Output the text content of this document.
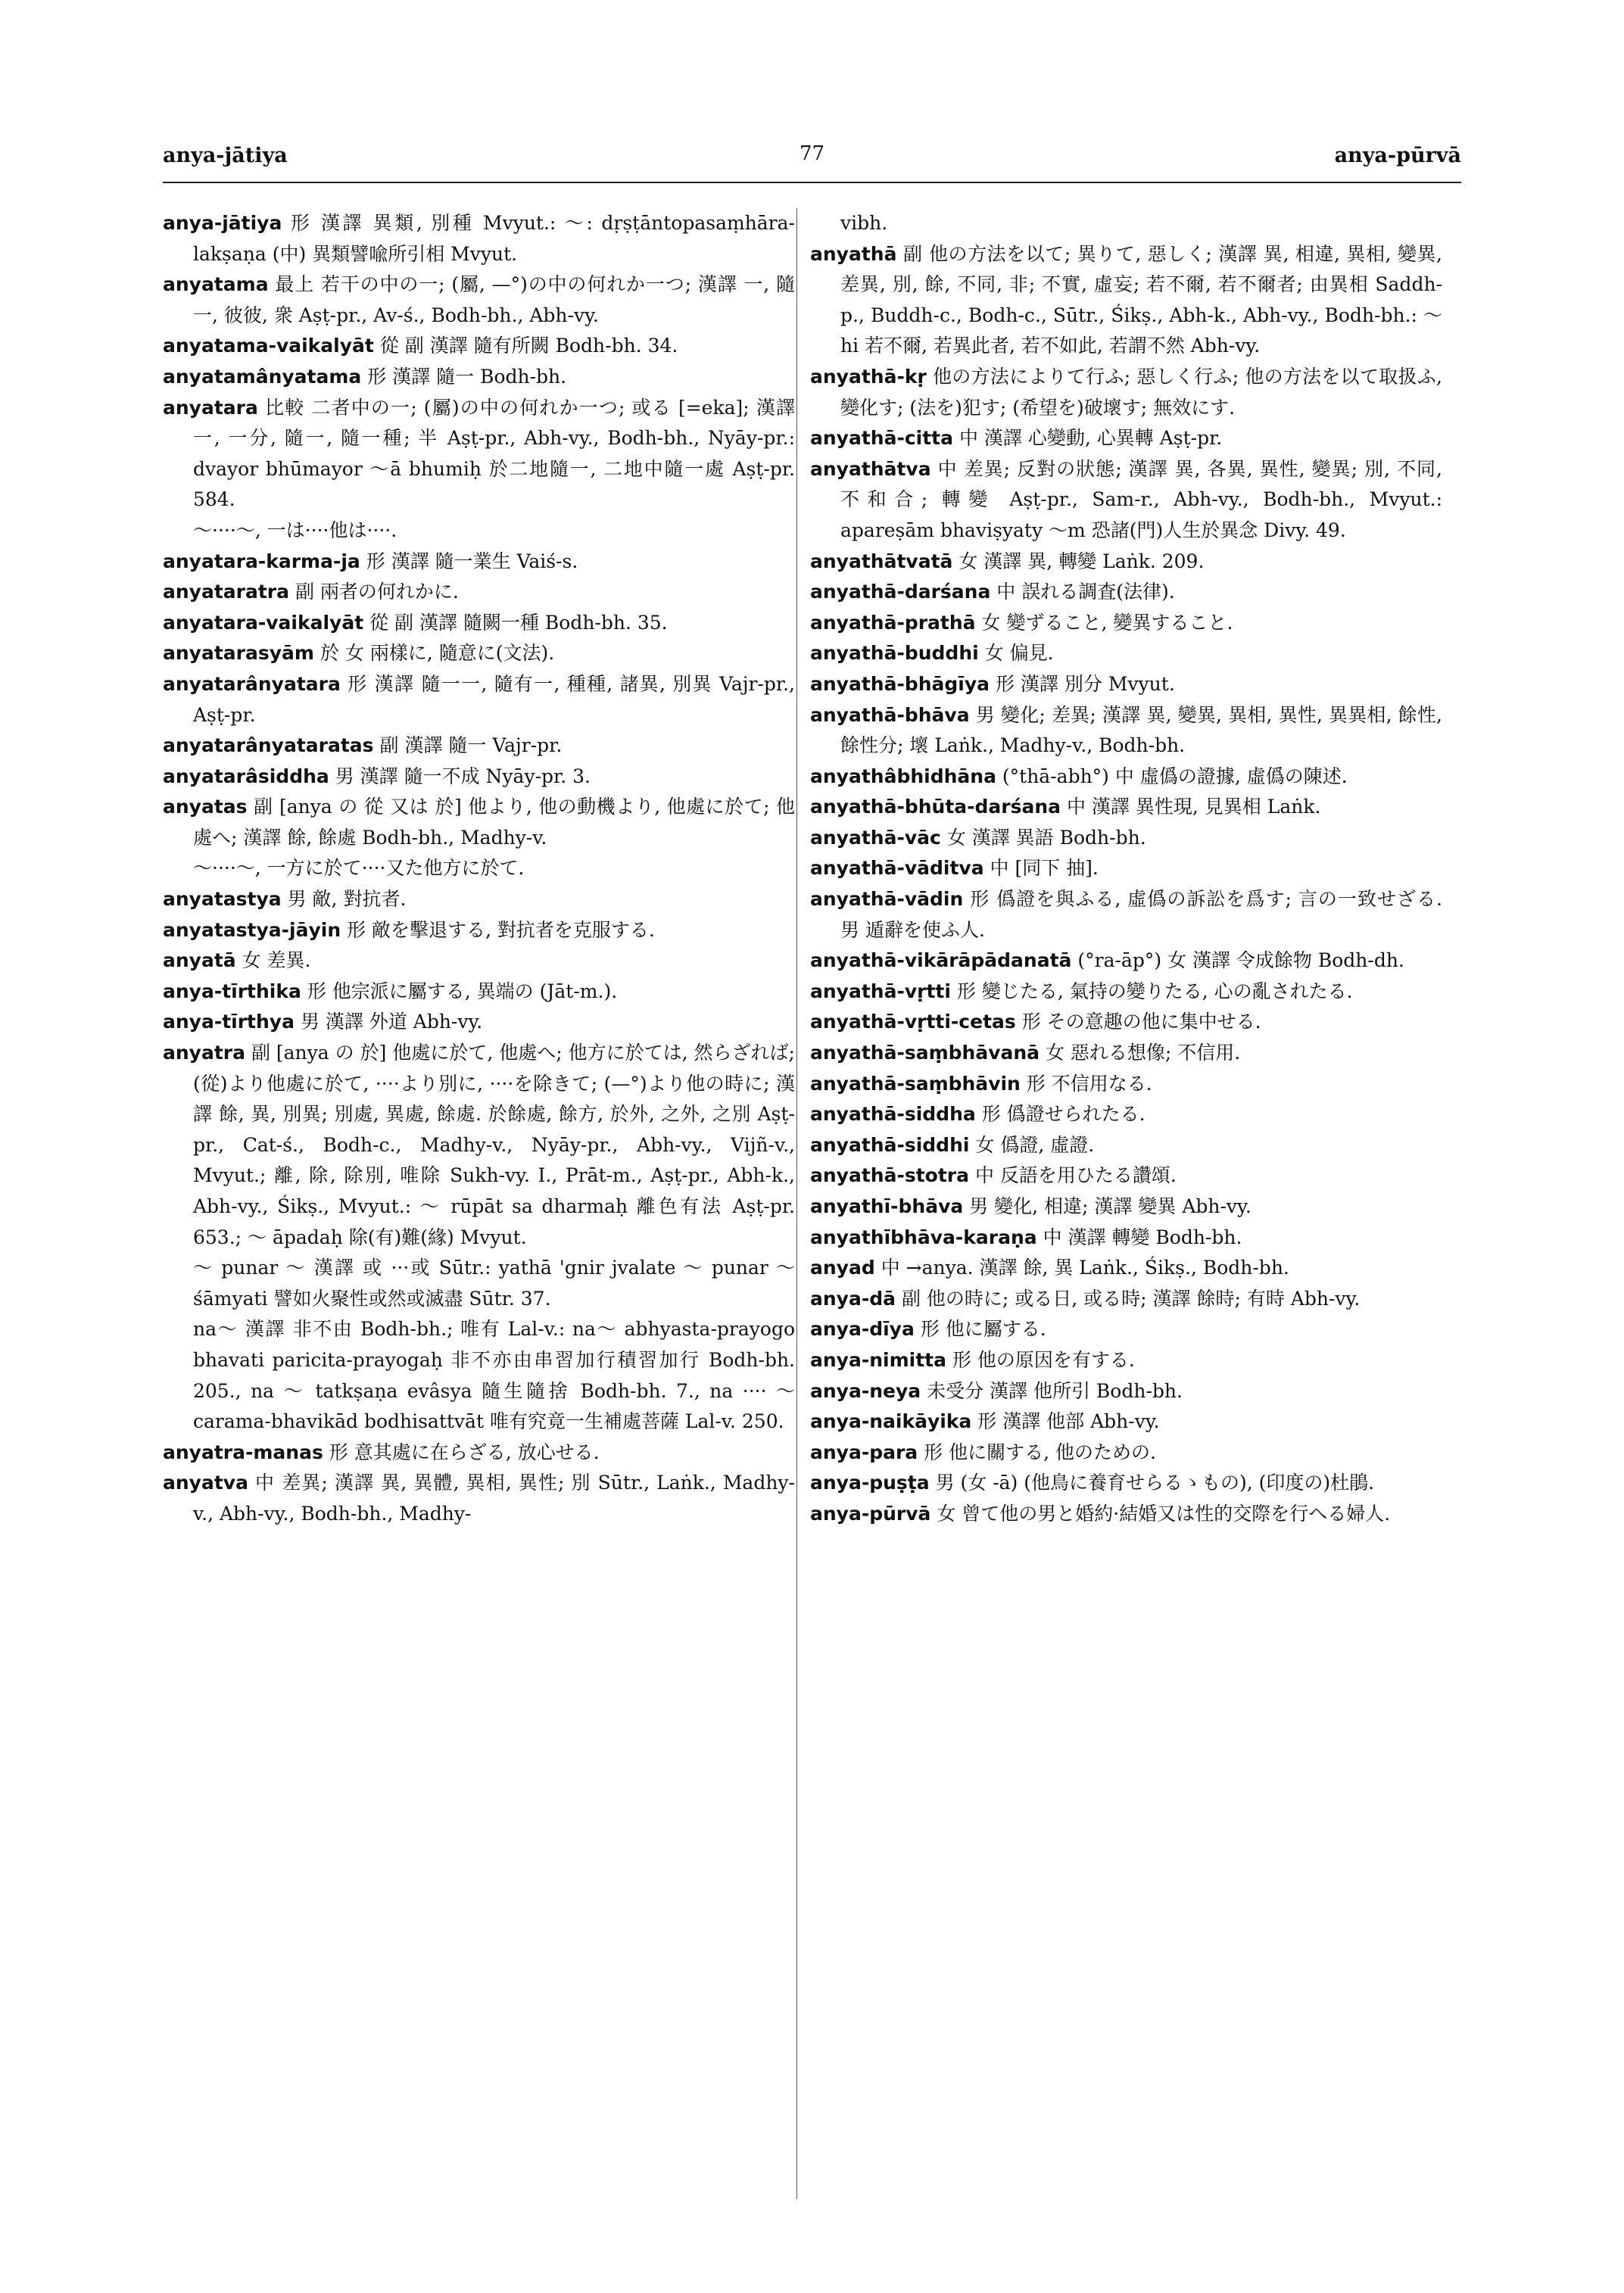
anya-jātiya	77	anya-pūrvā
anya-jātiya 形 漢譯 異類, 別種 Mvyut.: ～: dṛṣṭāntopasaṃhāra-lakṣaṇa (中) 異類譬喩所引相 Mvyut.
anyatama 最上 若干の中の一; (屬, —°)の中の何れか一つ; 漢譯 一, 隨一, 彼彼, 衆 Aṣṭ-pr., Av-ś., Bodh-bh., Abh-vy.
anyatama-vaikalyāt 從 副 漢譯 隨有所闕 Bodh-bh. 34.
anyatamânyatama 形 漢譯 隨一 Bodh-bh.
anyatara 比較 二者中の一; (屬)の中の何れか一つ; 或る [=eka]; 漢譯 一, 一分, 隨一, 隨一種; 半 Aṣṭ-pr., Abh-vy., Bodh-bh., Nyāy-pr.: dvayor bhūmayor ～ā bhumiḥ 於二地隨一, 二地中隨一處 Aṣṭ-pr. 584.
～····～, 一は····他は····.
anyatara-karma-ja 形 漢譯 隨一業生 Vaiś-s.
anyataratra 副 兩者の何れかに.
anyatara-vaikalyāt 從 副 漢譯 隨闕一種 Bodh-bh. 35.
anyatarasyām 於 女 兩樣に, 隨意に(文法).
anyatarânyatara 形 漢譯 隨一一, 隨有一, 種種, 諸異, 別異 Vajr-pr., Aṣṭ-pr.
anyatarânyataratas 副 漢譯 隨一 Vajr-pr.
anyatarâsiddha 男 漢譯 隨一不成 Nyāy-pr. 3.
anyatas 副 [anya の 從 又は 於] 他より, 他の動機より, 他處に於て; 他處へ; 漢譯 餘, 餘處 Bodh-bh., Madhy-v.
～····～, 一方に於て····又た他方に於て.
anyatastya 男 敵, 對抗者.
anyatastya-jāyin 形 敵を擊退する, 對抗者を克服する.
anyatā 女 差異.
anya-tīrthika 形 他宗派に屬する, 異端の (Jāt-m.).
anya-tīrthya 男 漢譯 外道 Abh-vy.
anyatra 副 [anya の 於] 他處に於て, 他處へ; 他方に於ては, 然らざれば; (從)より他處に於て, ····より別に, ····を除きて; (—°)より他の時に; 漢譯 餘, 異, 別異; 別處, 異處, 餘處. 於餘處, 餘方, 於外, 之外, 之別 Aṣṭ-pr., Cat-ś., Bodh-c., Madhy-v., Nyāy-pr., Abh-vy., Vijñ-v., Mvyut.; 離, 除, 除別, 唯除 Sukh-vy. I., Prāt-m., Aṣṭ-pr., Abh-k., Abh-vy., Śikṣ., Mvyut.: ～ rūpāt sa dharmaḥ 離色有法 Aṣṭ-pr. 653.; ～ āpadaḥ 除(有)難(緣) Mvyut.
～ punar ～ 漢譯 或 ···或 Sūtr.: yathā 'gnir jvalate ～ punar ～ śāmyati 譬如火聚性或然或滅盡 Sūtr. 37.
na～ 漢譯 非不由 Bodh-bh.; 唯有 Lal-v.: na～ abhyasta-prayogo bhavati paricita-prayogaḥ 非不亦由串習加行積習加行 Bodh-bh. 205., na ～ tatkṣaṇa evâsya 隨生隨捨 Bodh-bh. 7., na ···· ～ carama-bhavikād bodhisattvāt 唯有究竟一生補處菩薩 Lal-v. 250.
anyatra-manas 形 意其處に在らざる, 放心せる.
anyatva 中 差異; 漢譯 異, 異體, 異相, 異性; 別 Sūtr., Laṅk., Madhy-v., Abh-vy., Bodh-bh., Madhy-
vibh.
anyathā 副 他の方法を以て; 異りて, 惡しく; 漢譯 異, 相違, 異相, 變異, 差異, 別, 餘, 不同, 非; 不實, 虛妄; 若不爾, 若不爾者; 由異相 Saddh-p., Buddh-c., Bodh-c., Sūtr., Śikṣ., Abh-k., Abh-vy., Bodh-bh.: ～ hi 若不爾, 若異此者, 若不如此, 若謂不然 Abh-vy.
anyathā-kṛ 他の方法によりて行ふ; 惡しく行ふ; 他の方法を以て取扱ふ, 變化す; (法を)犯す; (希望を)破壞す; 無效にす.
anyathā-citta 中 漢譯 心變動, 心異轉 Aṣṭ-pr.
anyathātva 中 差異; 反對の狀態; 漢譯 異, 各異, 異性, 變異; 別, 不同, 不和合; 轉變 Aṣṭ-pr., Sam-r., Abh-vy., Bodh-bh., Mvyut.: apareṣām bhaviṣyaty ～m 恐諸(門)人生於異念 Divy. 49.
anyathātvatā 女 漢譯 異, 轉變 Laṅk. 209.
anyathā-darśana 中 誤れる調査(法律).
anyathā-prathā 女 變ずること, 變異すること.
anyathā-buddhi 女 偏見.
anyathā-bhāgīya 形 漢譯 別分 Mvyut.
anyathā-bhāva 男 變化; 差異; 漢譯 異, 變異, 異相, 異性, 異異相, 餘性, 餘性分; 壞 Laṅk., Madhy-v., Bodh-bh.
anyathâbhidhāna (°thā-abh°) 中 虛僞の證據, 虛僞の陳述.
anyathā-bhūta-darśana 中 漢譯 異性現, 見異相 Laṅk.
anyathā-vāc 女 漢譯 異語 Bodh-bh.
anyathā-vāditva 中 [同下 抽].
anyathā-vādin 形 僞證を與ふる, 虛僞の訴訟を爲す; 言の一致せざる. 男 遁辭を使ふ人.
anyathā-vikārāpādanatā (°ra-āp°) 女 漢譯 令成餘物 Bodh-dh.
anyathā-vṛtti 形 變じたる, 氣持の變りたる, 心の亂されたる.
anyathā-vṛtti-cetas 形 その意趣の他に集中せる.
anyathā-saṃbhāvanā 女 惡れる想像; 不信用.
anyathā-saṃbhāvin 形 不信用なる.
anyathā-siddha 形 僞證せられたる.
anyathā-siddhi 女 僞證, 虛證.
anyathā-stotra 中 反語を用ひたる讚頌.
anyathī-bhāva 男 變化, 相違; 漢譯 變異 Abh-vy.
anyathībhāva-karaṇa 中 漢譯 轉變 Bodh-bh.
anyad 中 →anya. 漢譯 餘, 異 Laṅk., Śikṣ., Bodh-bh.
anya-dā 副 他の時に; 或る日, 或る時; 漢譯 餘時; 有時 Abh-vy.
anya-dīya 形 他に屬する.
anya-nimitta 形 他の原因を有する.
anya-neya 未受分 漢譯 他所引 Bodh-bh.
anya-naikāyika 形 漢譯 他部 Abh-vy.
anya-para 形 他に關する, 他のための.
anya-puṣṭa 男 (女 -ā) (他鳥に養育せらるゝもの), (印度の)杜鵑.
anya-pūrvā 女 曾て他の男と婚約·結婚又は性的交際を行へる婦人.
